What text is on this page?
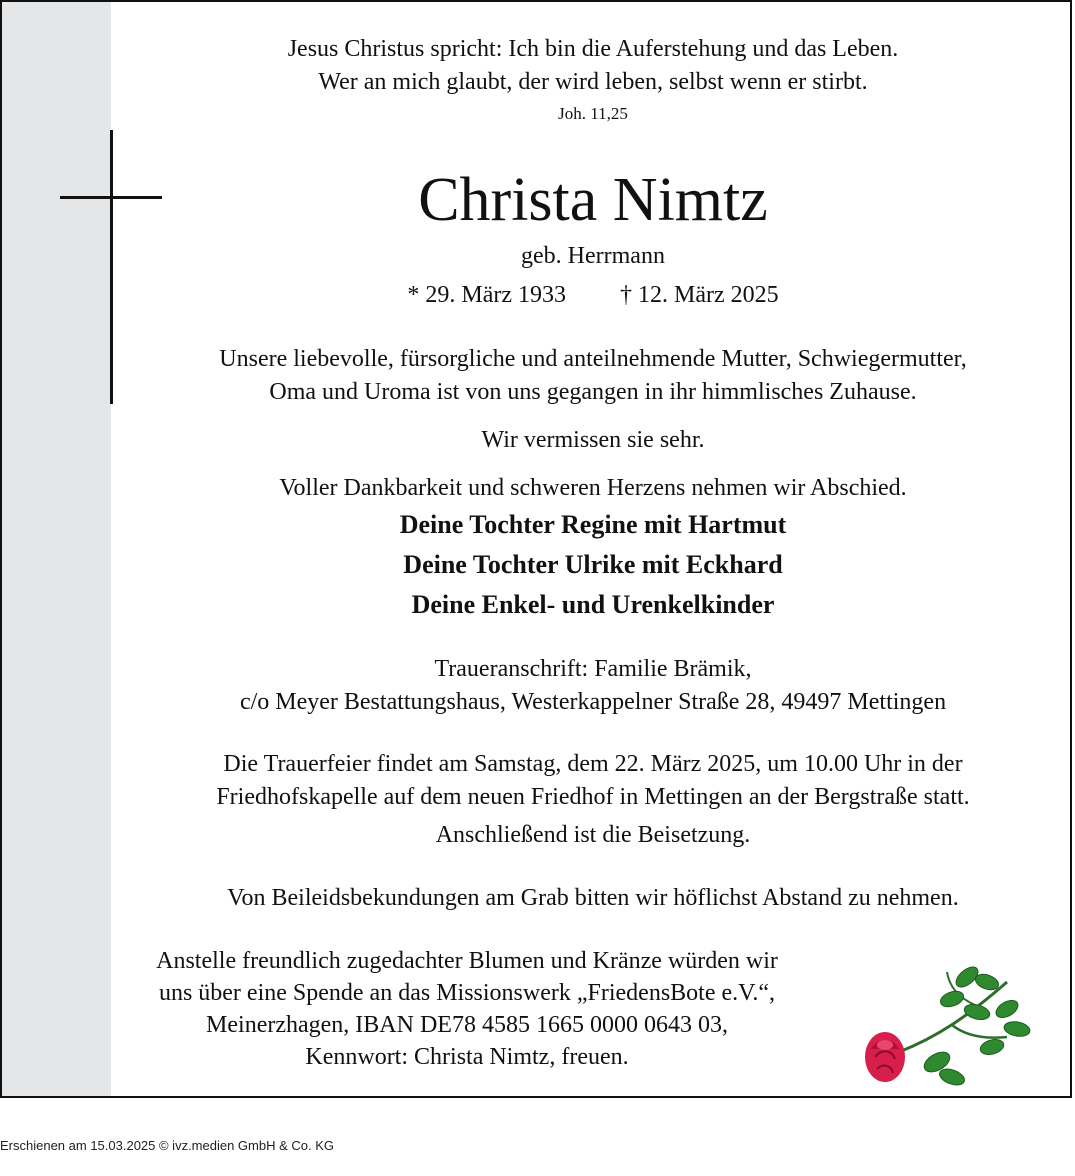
Jesus Christus spricht: Ich bin die Auferstehung und das Leben.
Wer an mich glaubt, der wird leben, selbst wenn er stirbt.
Joh. 11,25
Christa Nimtz
geb. Herrmann
* 29. März 1933 † 12. März 2025
Unsere liebevolle, fürsorgliche und anteilnehmende Mutter, Schwiegermutter,
Oma und Uroma ist von uns gegangen in ihr himmlisches Zuhause.
Wir vermissen sie sehr.
Voller Dankbarkeit und schweren Herzens nehmen wir Abschied.
Deine Tochter Regine mit Hartmut
Deine Tochter Ulrike mit Eckhard
Deine Enkel- und Urenkelkinder
Traueranschrift: Familie Brämik,
c/o Meyer Bestattungshaus, Westerkappelner Straße 28, 49497 Mettingen
Die Trauerfeier findet am Samstag, dem 22. März 2025, um 10.00 Uhr in der
Friedhofskapelle auf dem neuen Friedhof in Mettingen an der Bergstraße statt.
Anschließend ist die Beisetzung.
Von Beileidsbekundungen am Grab bitten wir höflichst Abstand zu nehmen.
Anstelle freundlich zugedachter Blumen und Kränze würden wir
uns über eine Spende an das Missionswerk „FriedensBote e.V.“,
Meinerzhagen, IBAN DE78 4585 1665 0000 0643 03,
Kennwort: Christa Nimtz, freuen.
Erschienen am 15.03.2025 © ivz.medien GmbH & Co. KG
